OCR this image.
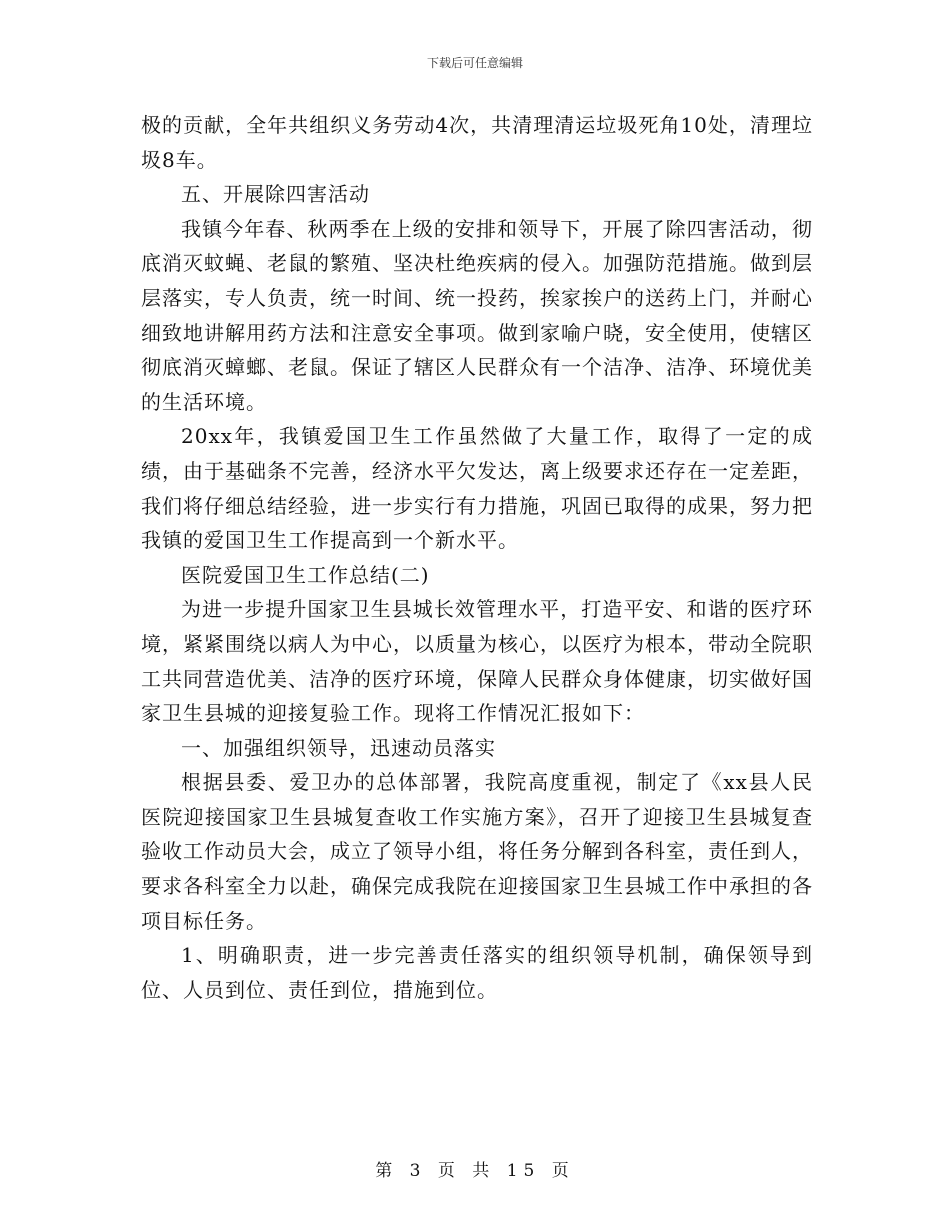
下载后可任意编辑

极的贡献，全年共组织义务劳动4次，共清理清运垃圾死角10处，清理垃圾8车。

五、开展除四害活动

我镇今年春、秋两季在上级的安排和领导下，开展了除四害活动，彻底消灭蚊蝇、老鼠的繁殖、坚决杜绝疾病的侵入。加强防范措施。做到层层落实，专人负责，统一时间、统一投药，挨家挨户的送药上门，并耐心细致地讲解用药方法和注意安全事项。做到家喻户晓，安全使用，使辖区彻底消灭蟑螂、老鼠。保证了辖区人民群众有一个洁净、洁净、环境优美的生活环境。

20xx年，我镇爱国卫生工作虽然做了大量工作，取得了一定的成绩，由于基础条不完善，经济水平欠发达，离上级要求还存在一定差距，我们将仔细总结经验，进一步实行有力措施，巩固已取得的成果，努力把我镇的爱国卫生工作提高到一个新水平。

医院爱国卫生工作总结(二)

为进一步提升国家卫生县城长效管理水平，打造平安、和谐的医疗环境，紧紧围绕以病人为中心，以质量为核心，以医疗为根本，带动全院职工共同营造优美、洁净的医疗环境，保障人民群众身体健康，切实做好国家卫生县城的迎接复验工作。现将工作情况汇报如下：

一、加强组织领导，迅速动员落实

根据县委、爱卫办的总体部署，我院高度重视，制定了《xx县人民医院迎接国家卫生县城复查收工作实施方案》，召开了迎接卫生县城复查验收工作动员大会，成立了领导小组，将任务分解到各科室，责任到人，要求各科室全力以赴，确保完成我院在迎接国家卫生县城工作中承担的各项目标任务。

1、明确职责，进一步完善责任落实的组织领导机制，确保领导到位、人员到位、责任到位，措施到位。

第 3 页 共 15 页
